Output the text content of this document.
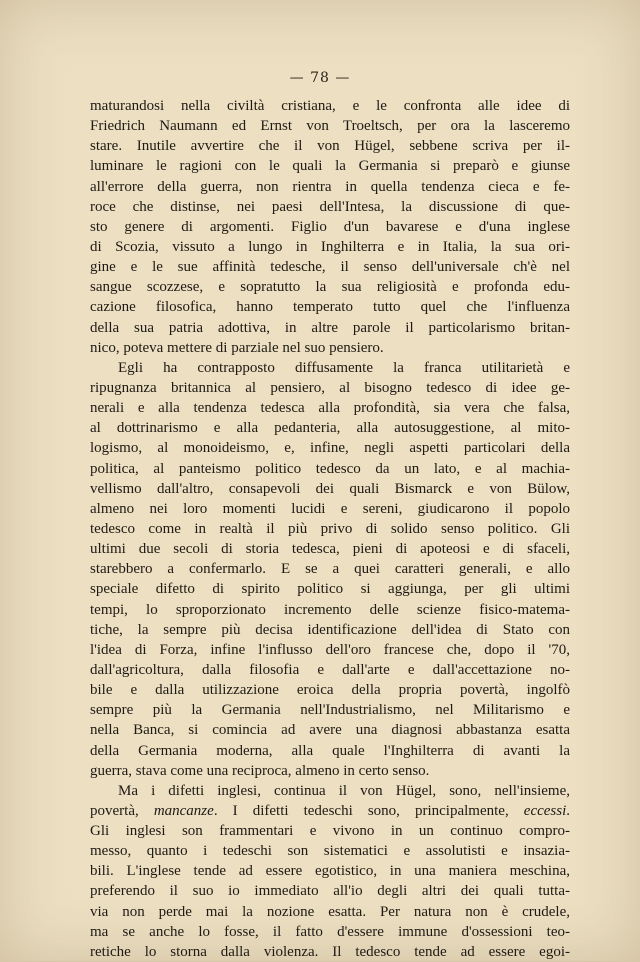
— 78 —
maturandosi nella civiltà cristiana, e le confronta alle idee di
Friedrich Naumann ed Ernst von Troeltsch, per ora la lasceremo
stare. Inutile avvertire che il von Hügel, sebbene scriva per il-
luminare le ragioni con le quali la Germania si preparò e giunse
all'errore della guerra, non rientra in quella tendenza cieca e fe-
roce che distinse, nei paesi dell'Intesa, la discussione di que-
sto genere di argomenti. Figlio d'un bavarese e d'una inglese
di Scozia, vissuto a lungo in Inghilterra e in Italia, la sua ori-
gine e le sue affinità tedesche, il senso dell'universale ch'è nel
sangue scozzese, e sopratutto la sua religiosità e profonda edu-
cazione filosofica, hanno temperato tutto quel che l'influenza
della sua patria adottiva, in altre parole il particolarismo britan-
nico, poteva mettere di parziale nel suo pensiero.
Egli ha contrapposto diffusamente la franca utilitarietà e
ripugnanza britannica al pensiero, al bisogno tedesco di idee ge-
nerali e alla tendenza tedesca alla profondità, sia vera che falsa,
al dottrinarismo e alla pedanteria, alla autosuggestione, al mito-
logismo, al monoideismo, e, infine, negli aspetti particolari della
politica, al panteismo politico tedesco da un lato, e al machia-
vellismo dall'altro, consapevoli dei quali Bismarck e von Bülow,
almeno nei loro momenti lucidi e sereni, giudicarono il popolo
tedesco come in realtà il più privo di solido senso politico. Gli
ultimi due secoli di storia tedesca, pieni di apoteosi e di sfaceli,
starebbero a confermarlo. E se a quei caratteri generali, e allo
speciale difetto di spirito politico si aggiunga, per gli ultimi
tempi, lo sproporzionato incremento delle scienze fisico-matema-
tiche, la sempre più decisa identificazione dell'idea di Stato con
l'idea di Forza, infine l'influsso dell'oro francese che, dopo il '70,
dall'agricoltura, dalla filosofia e dall'arte e dall'accettazione no-
bile e dalla utilizzazione eroica della propria povertà, ingolfò
sempre più la Germania nell'Industrialismo, nel Militarismo e
nella Banca, si comincia ad avere una diagnosi abbastanza esatta
della Germania moderna, alla quale l'Inghilterra di avanti la
guerra, stava come una reciproca, almeno in certo senso.
Ma i difetti inglesi, continua il von Hügel, sono, nell'insieme,
povertà, mancanze. I difetti tedeschi sono, principalmente, eccessi.
Gli inglesi son frammentari e vivono in un continuo compro-
messo, quanto i tedeschi son sistematici e assolutisti e insazia-
bili. L'inglese tende ad essere egotistico, in una maniera meschina,
preferendo il suo io immediato all'io degli altri dei quali tutta-
via non perde mai la nozione esatta. Per natura non è crudele,
ma se anche lo fosse, il fatto d'essere immune d'ossessioni teo-
retiche lo storna dalla violenza. Il tedesco tende ad essere egoi-
